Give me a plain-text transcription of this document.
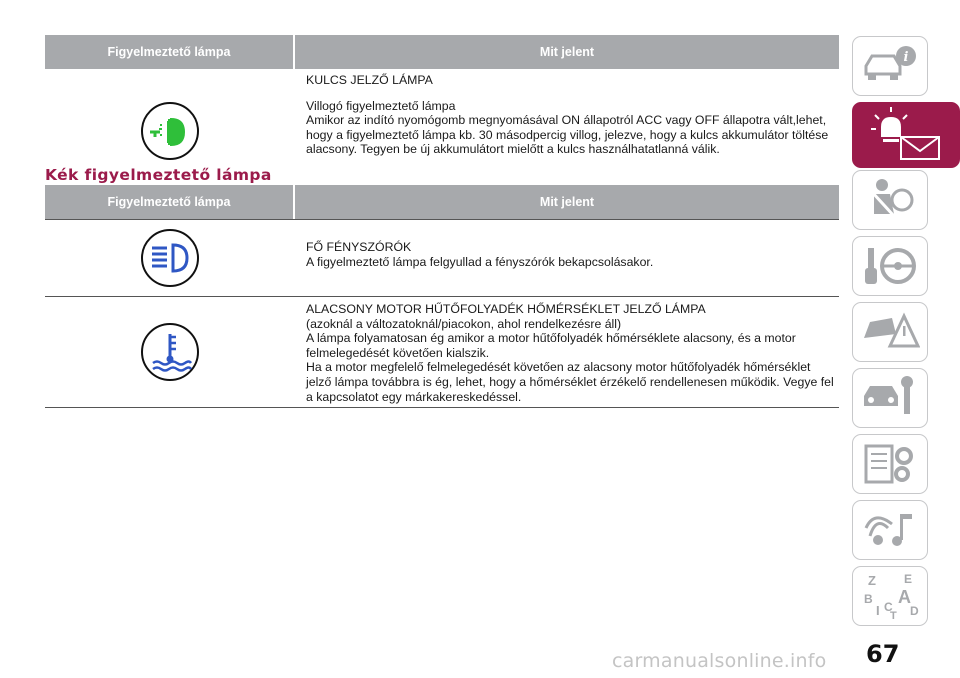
Figyelmeztető lámpa	Mit jelent

KULCS JELZŐ LÁMPA

Villogó figyelmeztető lámpa

Amikor az indító nyomógomb megnyomásával ON állapotról ACC vagy OFF állapotra vált,lehet,

hogy a figyelmeztető lámpa kb. 30 másodpercig villog, jelezve, hogy a kulcs akkumulátor töltése

alacsony. Tegyen be új akkumulátort mielőtt a kulcs használhatatlanná válik.

Kék figyelmeztető lámpa
Figyelmeztető lámpa	Mit jelent

FŐ FÉNYSZÓRÓK

A figyelmeztető lámpa felgyullad a fényszórók bekapcsolásakor.

ALACSONY MOTOR HŰTŐFOLYADÉK HŐMÉRSÉKLET JELZŐ LÁMPA

(azoknál a változatoknál/piacokon, ahol rendelkezésre áll)

A lámpa folyamatosan ég amikor a motor hűtőfolyadék hőmérséklete alacsony, és a motor

felmelegedését követően kialszik.

Ha a motor megfelelő felmelegedését követően az alacsony motor hűtőfolyadék hőmérséklet

jelző lámpa továbbra is ég, lehet, hogy a hőmérséklet érzékelő rendellenesen működik. Vegye fel

a kapcsolatot egy márkakereskedéssel.

i
Z E
B A
C D
T
I
67
carmanualsonline.info
